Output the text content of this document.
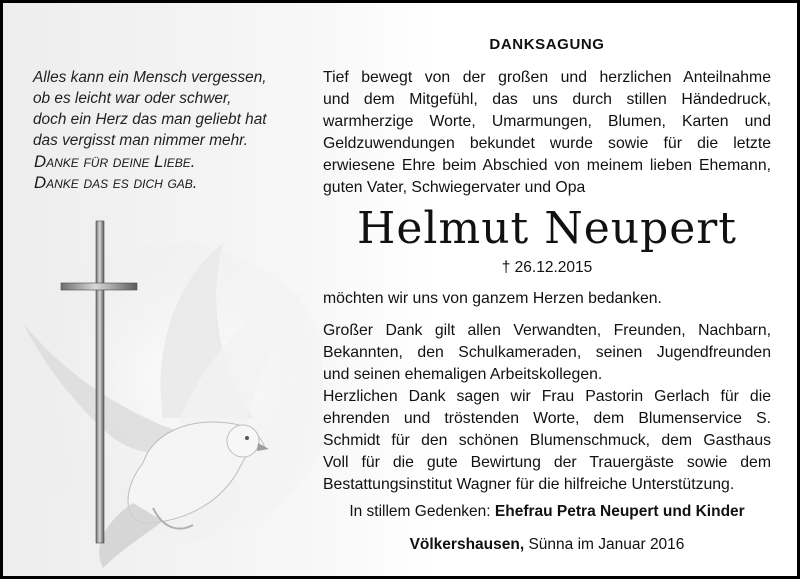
Alles kann ein Mensch vergessen,
ob es leicht war oder schwer,
doch ein Herz das man geliebt hat
das vergisst man nimmer mehr.
Danke für deine Liebe.
Danke das es dich gab.
DANKSAGUNG
Tief bewegt von der großen und herzlichen Anteilnahme
und dem Mitgefühl, das uns durch stillen Händedruck,
warmherzige Worte, Umarmungen, Blumen, Karten und
Geldzuwendungen bekundet wurde sowie für die letzte
erwiesene Ehre beim Abschied von meinem lieben Ehemann,
guten Vater, Schwiegervater und Opa
Helmut Neupert
† 26.12.2015
möchten wir uns von ganzem Herzen bedanken.
Großer Dank gilt allen Verwandten, Freunden, Nachbarn,
Bekannten, den Schulkameraden, seinen Jugendfreunden
und seinen ehemaligen Arbeitskollegen.
Herzlichen Dank sagen wir Frau Pastorin Gerlach für die
ehrenden und tröstenden Worte, dem Blumenservice S.
Schmidt für den schönen Blumenschmuck, dem Gasthaus
Voll für die gute Bewirtung der Trauergäste sowie dem
Bestattungsinstitut Wagner für die hilfreiche Unterstützung.
In stillem Gedenken: Ehefrau Petra Neupert und Kinder
Völkershausen, Sünna im Januar 2016
